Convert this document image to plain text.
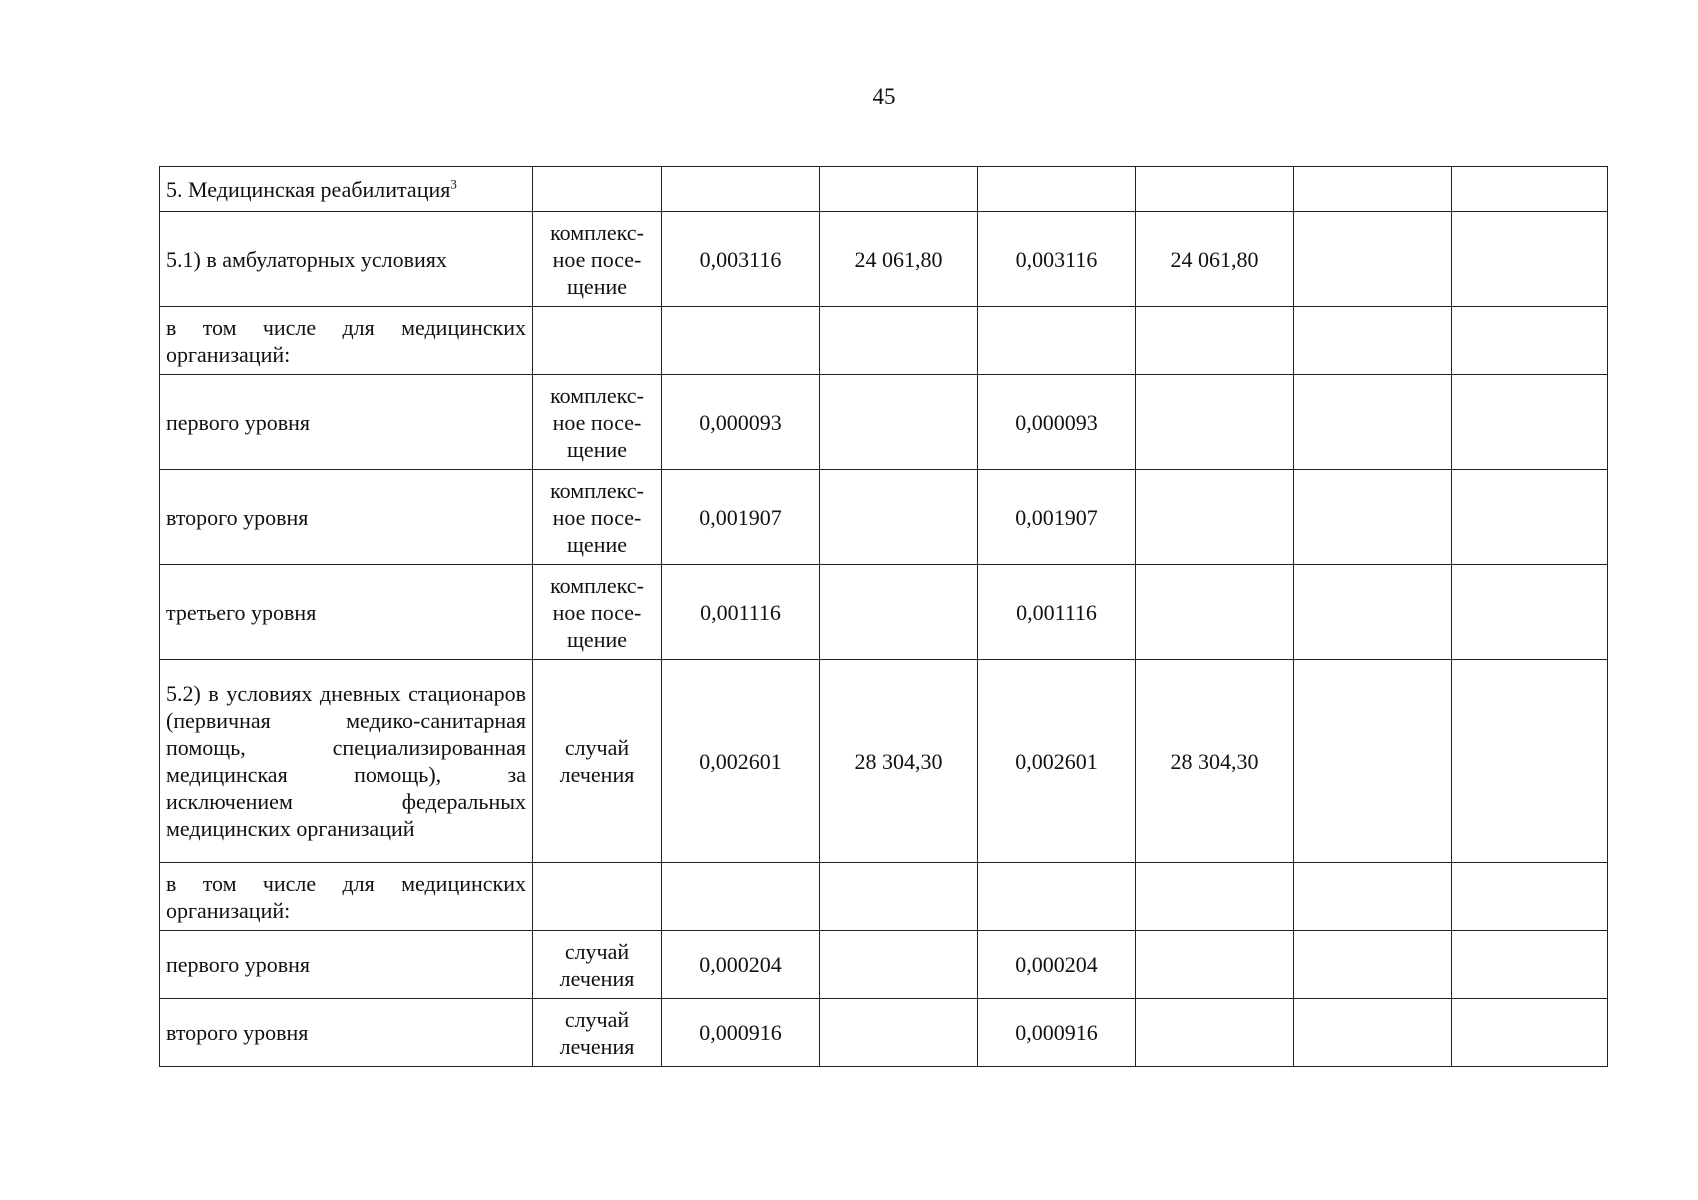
45
5. Медицинская реабилитация$^3$							
5.1) в амбулаторных условиях	комплекс-ное посе-щение	0,003116	24 061,80	0,003116	24 061,80		
в том числе для медицинских организаций:							
первого уровня	комплекс-ное посе-щение	0,000093		0,000093			
второго уровня	комплекс-ное посе-щение	0,001907		0,001907			
третьего уровня	комплекс-ное посе-щение	0,001116		0,001116			
5.2) в условиях дневных стационаров (первичная медико-санитарная помощь, специализированная медицинская помощь), за исключением федеральных медицинских организаций	случай лечения	0,002601	28 304,30	0,002601	28 304,30		
в том числе для медицинских организаций:							
первого уровня	случай лечения	0,000204		0,000204			
второго уровня	случай лечения	0,000916		0,000916			
